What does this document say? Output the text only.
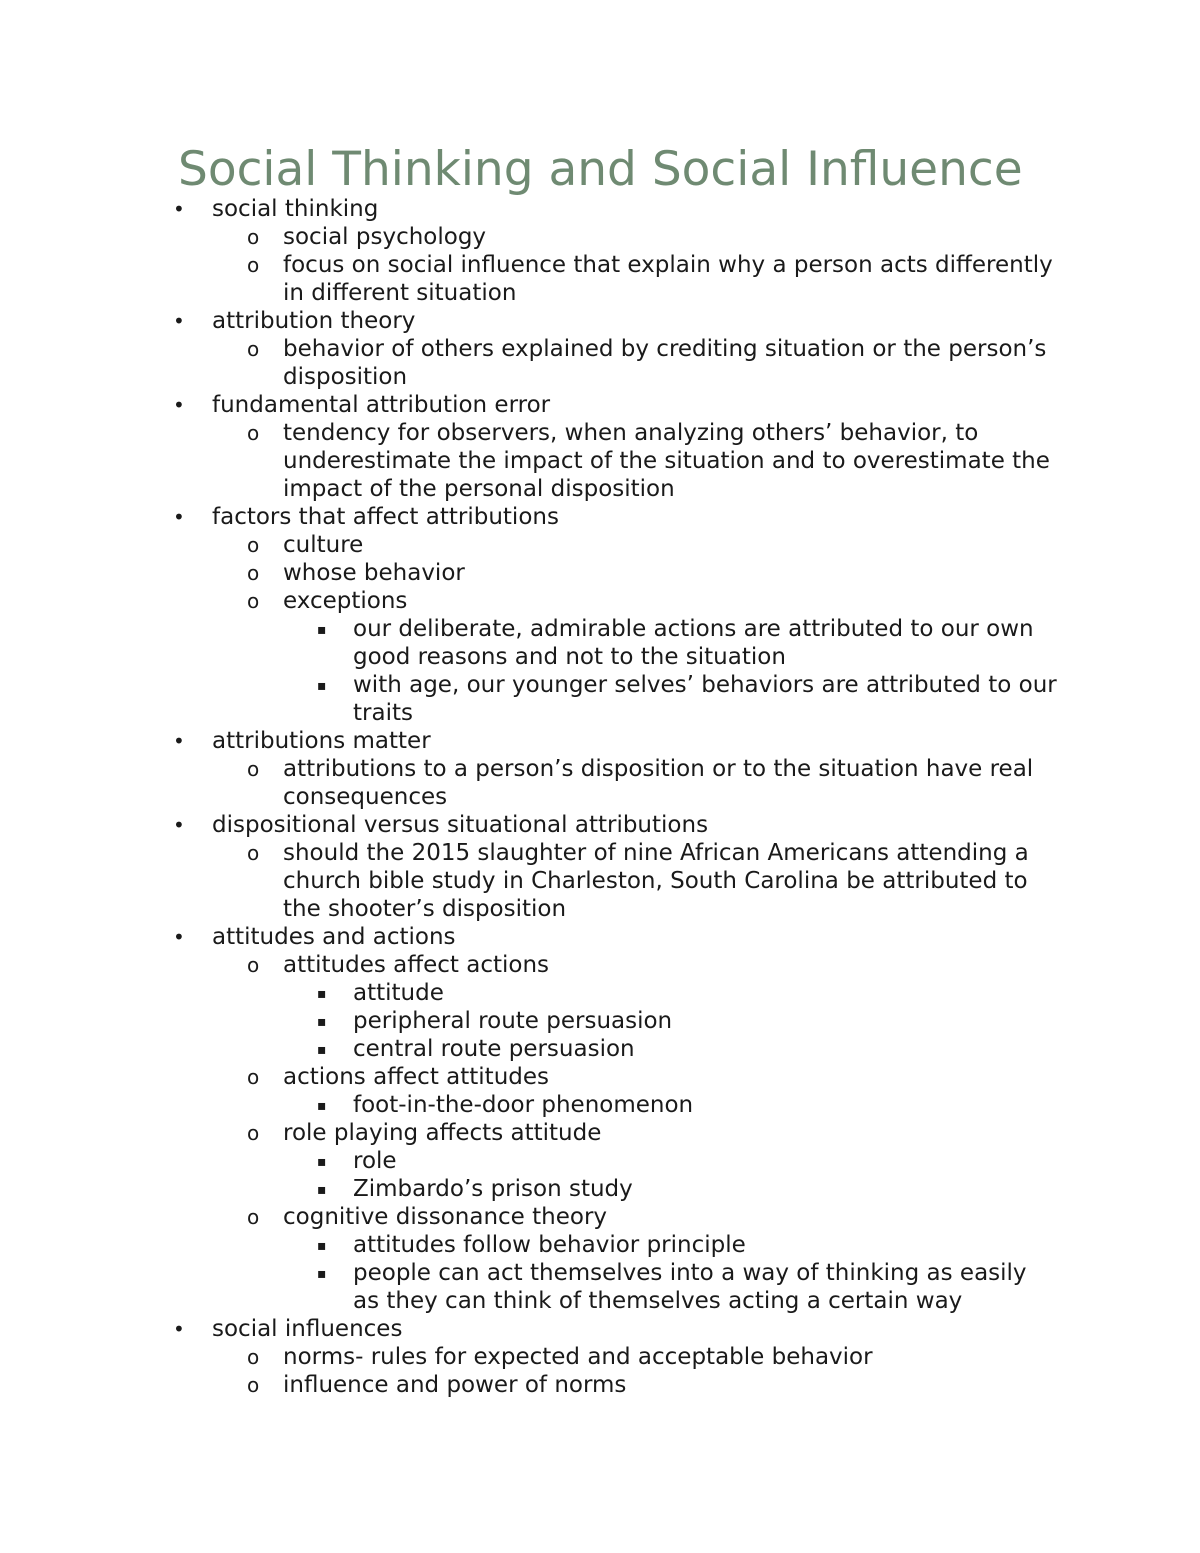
Social Thinking and Social Influence
•	social thinking
o	social psychology
o	focus on social influence that explain why a person acts differently in different situation
•	attribution theory
o	behavior of others explained by crediting situation or the person’s disposition
•	fundamental attribution error
o	tendency for observers, when analyzing others’ behavior, to underestimate the impact of the situation and to overestimate the impact of the personal disposition
•	factors that affect attributions
o	culture
o	whose behavior
o	exceptions
▪	our deliberate, admirable actions are attributed to our own good reasons and not to the situation
▪	with age, our younger selves’ behaviors are attributed to our traits
•	attributions matter
o	attributions to a person’s disposition or to the situation have real consequences
•	dispositional versus situational attributions
o	should the 2015 slaughter of nine African Americans attending a church bible study in Charleston, South Carolina be attributed to the shooter’s disposition
•	attitudes and actions
o	attitudes affect actions
▪	attitude
▪	peripheral route persuasion
▪	central route persuasion
o	actions affect attitudes
▪	foot-in-the-door phenomenon
o	role playing affects attitude
▪	role
▪	Zimbardo’s prison study
o	cognitive dissonance theory
▪	attitudes follow behavior principle
▪	people can act themselves into a way of thinking as easily as they can think of themselves acting a certain way
•	social influences
o	norms- rules for expected and acceptable behavior
o	influence and power of norms
